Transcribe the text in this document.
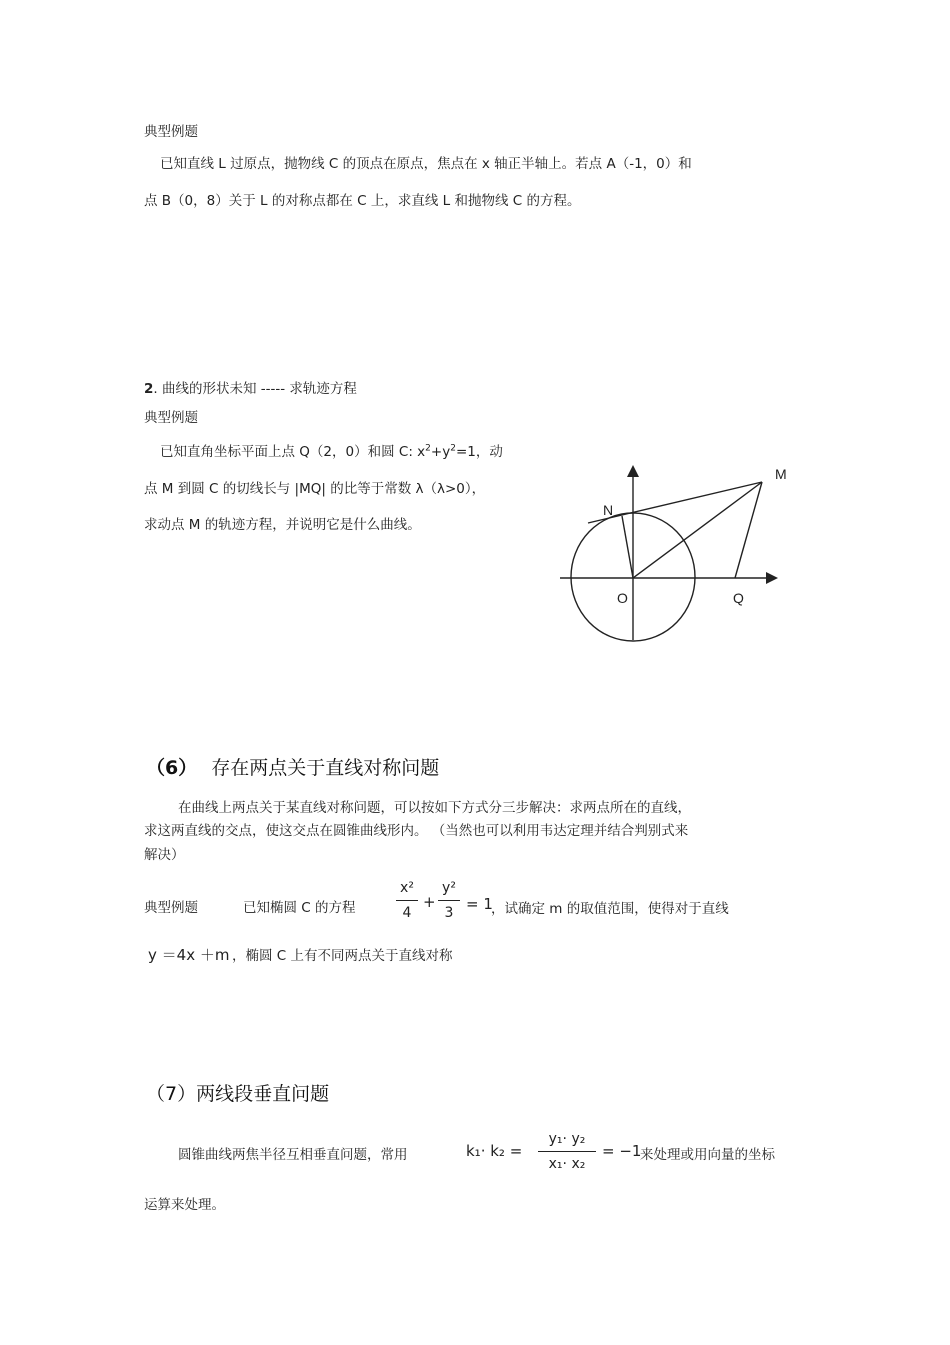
典型例题
已知直线 L 过原点，抛物线 C 的顶点在原点，焦点在 x 轴正半轴上。若点 A（-1，0）和
点 B（0，8）关于 L 的对称点都在 C 上，求直线 L 和抛物线 C 的方程。
2. 曲线的形状未知 ----- 求轨迹方程
典型例题
已知直角坐标平面上点 Q（2，0）和圆 C: $x^2+y^2=1$，动
点 M 到圆 C 的切线长与 |MQ| 的比等于常数 λ（λ>0），
求动点 M 的轨迹方程，并说明它是什么曲线。
M
N
O	Q
（6） 存在两点关于直线对称问题
在曲线上两点关于某直线对称问题，可以按如下方式分三步解决：求两点所在的直线，
求这两直线的交点，使这交点在圆锥曲线形内。 （当然也可以利用韦达定理并结合判别式来
解决）
典型例题	已知椭圆 C 的方程
x²
4
+
y²
3 = 1
，试确定 m 的取值范围，使得对于直线
y ＝4x ＋m ，椭圆 C 上有不同两点关于直线对称
（7）两线段垂直问题
圆锥曲线两焦半径互相垂直问题，常用	k₁· k₂ =
y₁· y₂
x₁· x₂
= −1
来处理或用向量的坐标
运算来处理。
